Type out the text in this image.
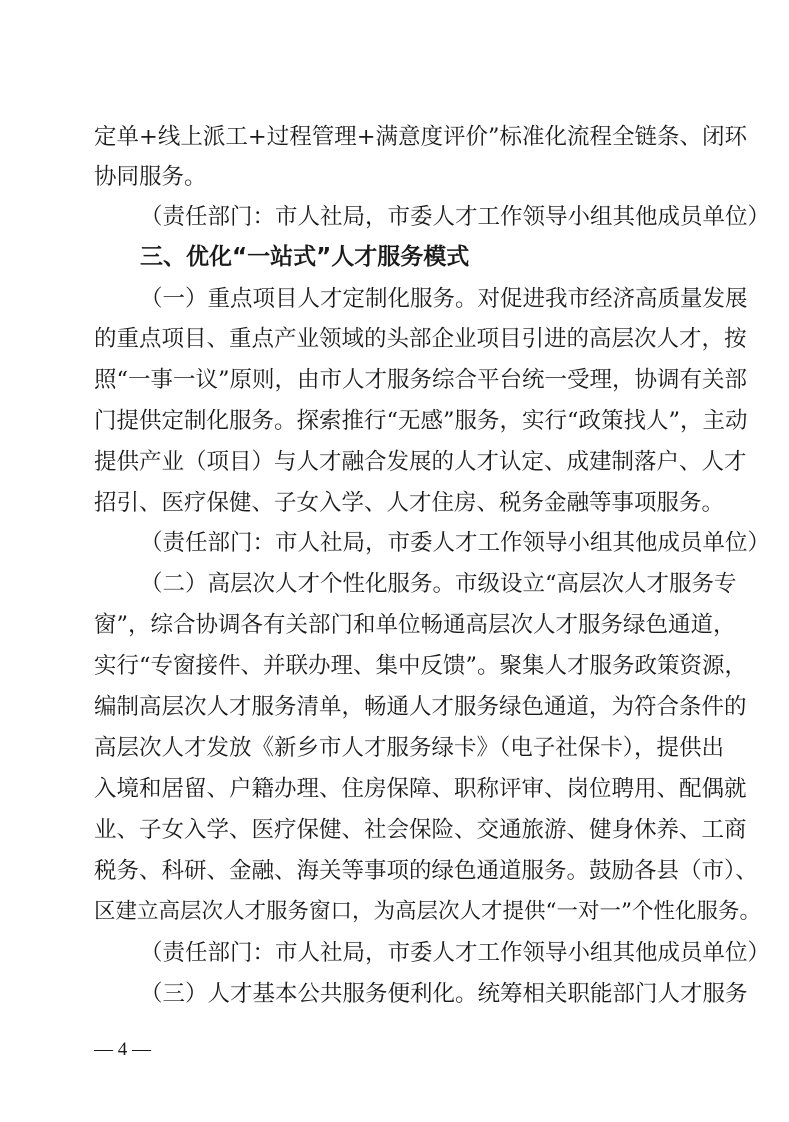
定单+线上派工+过程管理+满意度评价”标准化流程全链条、闭环
协同服务。
（责任部门：市人社局，市委人才工作领导小组其他成员单位）
三、优化“一站式”人才服务模式
（一）重点项目人才定制化服务。对促进我市经济高质量发展
的重点项目、重点产业领域的头部企业项目引进的高层次人才，按
照“一事一议”原则，由市人才服务综合平台统一受理，协调有关部
门提供定制化服务。探索推行“无感”服务，实行“政策找人”，主动
提供产业（项目）与人才融合发展的人才认定、成建制落户、人才
招引、医疗保健、子女入学、人才住房、税务金融等事项服务。
（责任部门：市人社局，市委人才工作领导小组其他成员单位）
（二）高层次人才个性化服务。市级设立“高层次人才服务专
窗”，综合协调各有关部门和单位畅通高层次人才服务绿色通道，
实行“专窗接件、并联办理、集中反馈”。聚集人才服务政策资源，
编制高层次人才服务清单，畅通人才服务绿色通道，为符合条件的
高层次人才发放《新乡市人才服务绿卡》（电子社保卡），提供出
入境和居留、户籍办理、住房保障、职称评审、岗位聘用、配偶就
业、子女入学、医疗保健、社会保险、交通旅游、健身休养、工商
税务、科研、金融、海关等事项的绿色通道服务。鼓励各县（市）、
区建立高层次人才服务窗口，为高层次人才提供“一对一”个性化服务。
（责任部门：市人社局，市委人才工作领导小组其他成员单位）
（三）人才基本公共服务便利化。统筹相关职能部门人才服务
— 4 —
